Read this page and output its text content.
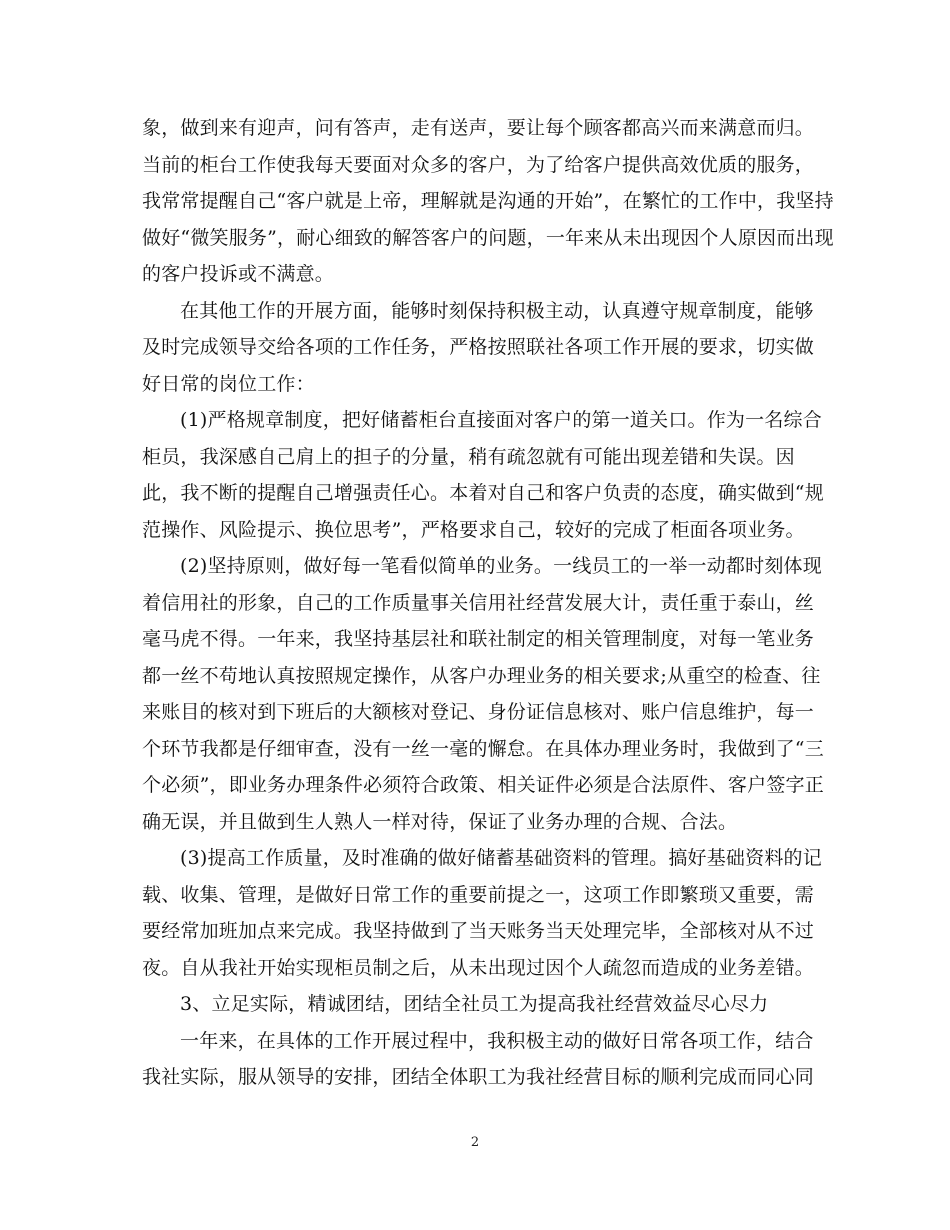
象，做到来有迎声，问有答声，走有送声，要让每个顾客都高兴而来满意而归。
当前的柜台工作使我每天要面对众多的客户，为了给客户提供高效优质的服务，
我常常提醒自己“客户就是上帝，理解就是沟通的开始”，在繁忙的工作中，我坚持
做好“微笑服务”，耐心细致的解答客户的问题，一年来从未出现因个人原因而出现
的客户投诉或不满意。
在其他工作的开展方面，能够时刻保持积极主动，认真遵守规章制度，能够
及时完成领导交给各项的工作任务，严格按照联社各项工作开展的要求，切实做
好日常的岗位工作：
(1)严格规章制度，把好储蓄柜台直接面对客户的第一道关口。作为一名综合
柜员，我深感自己肩上的担子的分量，稍有疏忽就有可能出现差错和失误。因
此，我不断的提醒自己增强责任心。本着对自己和客户负责的态度，确实做到“规
范操作、风险提示、换位思考”，严格要求自己，较好的完成了柜面各项业务。
(2)坚持原则，做好每一笔看似简单的业务。一线员工的一举一动都时刻体现
着信用社的形象，自己的工作质量事关信用社经营发展大计，责任重于泰山，丝
毫马虎不得。一年来，我坚持基层社和联社制定的相关管理制度，对每一笔业务
都一丝不苟地认真按照规定操作，从客户办理业务的相关要求;从重空的检查、往
来账目的核对到下班后的大额核对登记、身份证信息核对、账户信息维护，每一
个环节我都是仔细审查，没有一丝一毫的懈怠。在具体办理业务时，我做到了“三
个必须”，即业务办理条件必须符合政策、相关证件必须是合法原件、客户签字正
确无误，并且做到生人熟人一样对待，保证了业务办理的合规、合法。
(3)提高工作质量，及时准确的做好储蓄基础资料的管理。搞好基础资料的记
载、收集、管理，是做好日常工作的重要前提之一，这项工作即繁琐又重要，需
要经常加班加点来完成。我坚持做到了当天账务当天处理完毕，全部核对从不过
夜。自从我社开始实现柜员制之后，从未出现过因个人疏忽而造成的业务差错。
3、立足实际，精诚团结，团结全社员工为提高我社经营效益尽心尽力
一年来，在具体的工作开展过程中，我积极主动的做好日常各项工作，结合
我社实际，服从领导的安排，团结全体职工为我社经营目标的顺利完成而同心同
2
